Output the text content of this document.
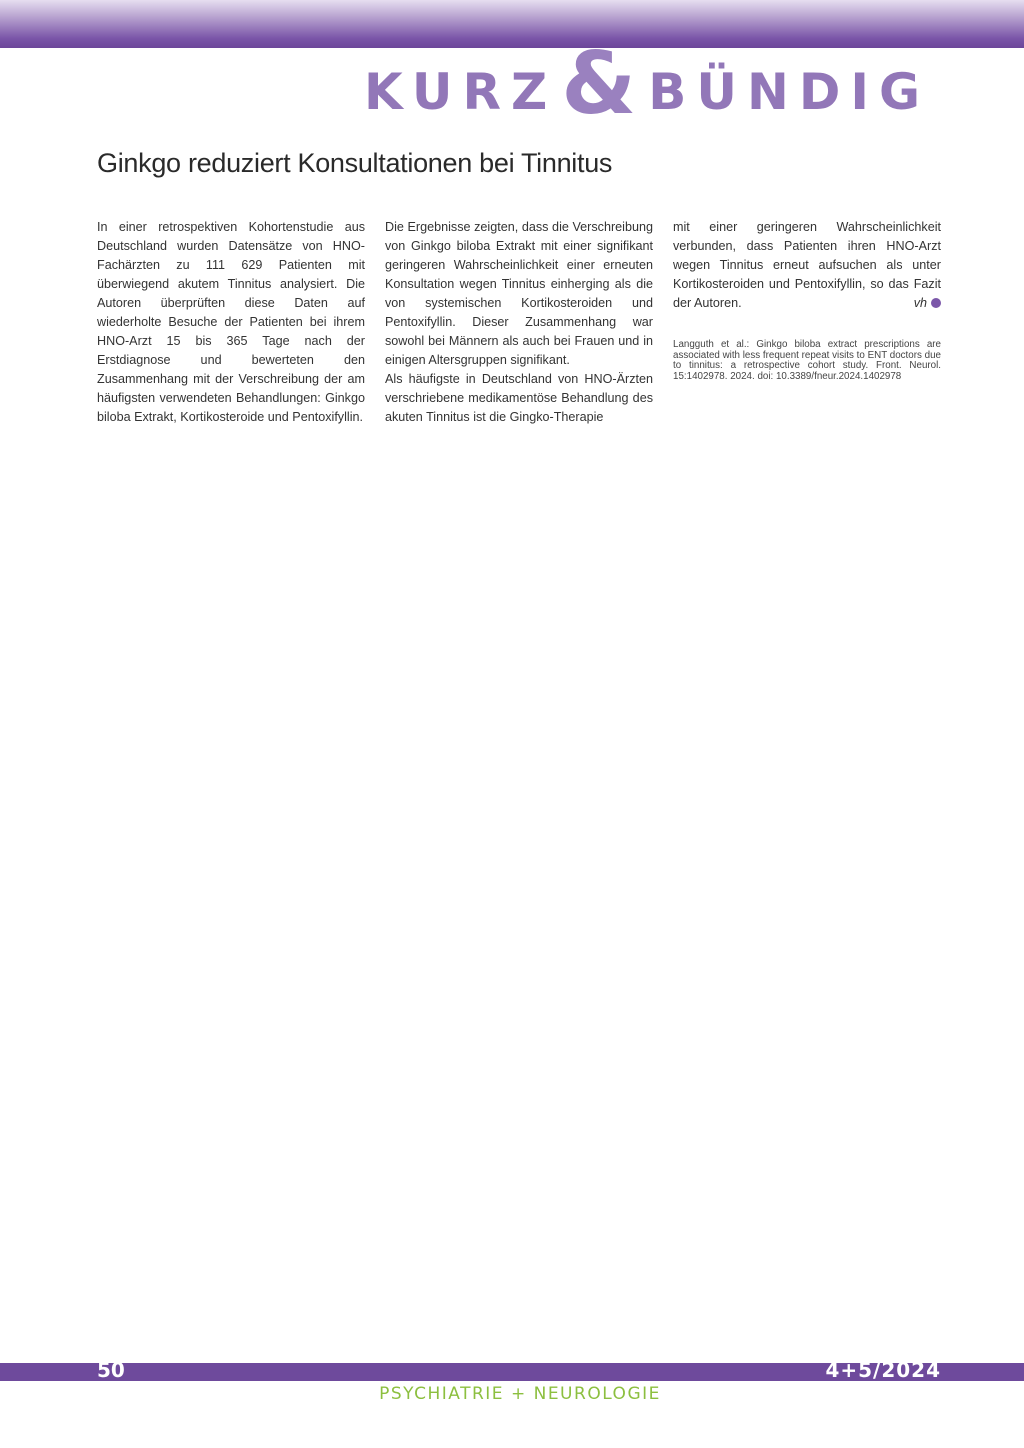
KURZ& BÜNDIG
Ginkgo reduziert Konsultationen bei Tinnitus

In einer retrospektiven Kohortenstudie aus Deutschland wurden Datensätze von HNO-Fachärzten zu 111 629 Patienten mit überwiegend akutem Tinnitus analysiert. Die Autoren überprüften diese Daten auf wiederholte Besuche der Patienten bei ihrem HNO-Arzt 15 bis 365 Tage nach der Erstdiagnose und bewerteten den Zusammenhang mit der Verschreibung der am häufigsten verwendeten Behandlungen: Ginkgo biloba Extrakt, Kortikosteroide und Pentoxifyllin.

Die Ergebnisse zeigten, dass die Verschreibung von Ginkgo biloba Extrakt mit einer signifikant geringeren Wahrscheinlichkeit einer erneuten Konsultation wegen Tinnitus einherging als die von systemischen Kortikosteroiden und Pentoxifyllin. Dieser Zusammenhang war sowohl bei Männern als auch bei Frauen und in einigen Altersgruppen signifikant.

Als häufigste in Deutschland von HNO-Ärzten verschriebene medikamentöse Behandlung des akuten Tinnitus ist die Gingko-Therapie

mit einer geringeren Wahrscheinlichkeit verbunden, dass Patienten ihren HNO-Arzt wegen Tinnitus erneut aufsuchen als unter Kortikosteroiden und Pentoxifyllin, so das Fazit der Autoren.	vh

Langguth et al.: Ginkgo biloba extract prescriptions are associated with less frequent repeat visits to ENT doctors due to tinnitus: a retrospective cohort study. Front. Neurol. 15:1402978. 2024. doi: 10.3389/fneur.2024.1402978

50	4+5/2024
PSYCHIATRIE + NEUROLOGIE
